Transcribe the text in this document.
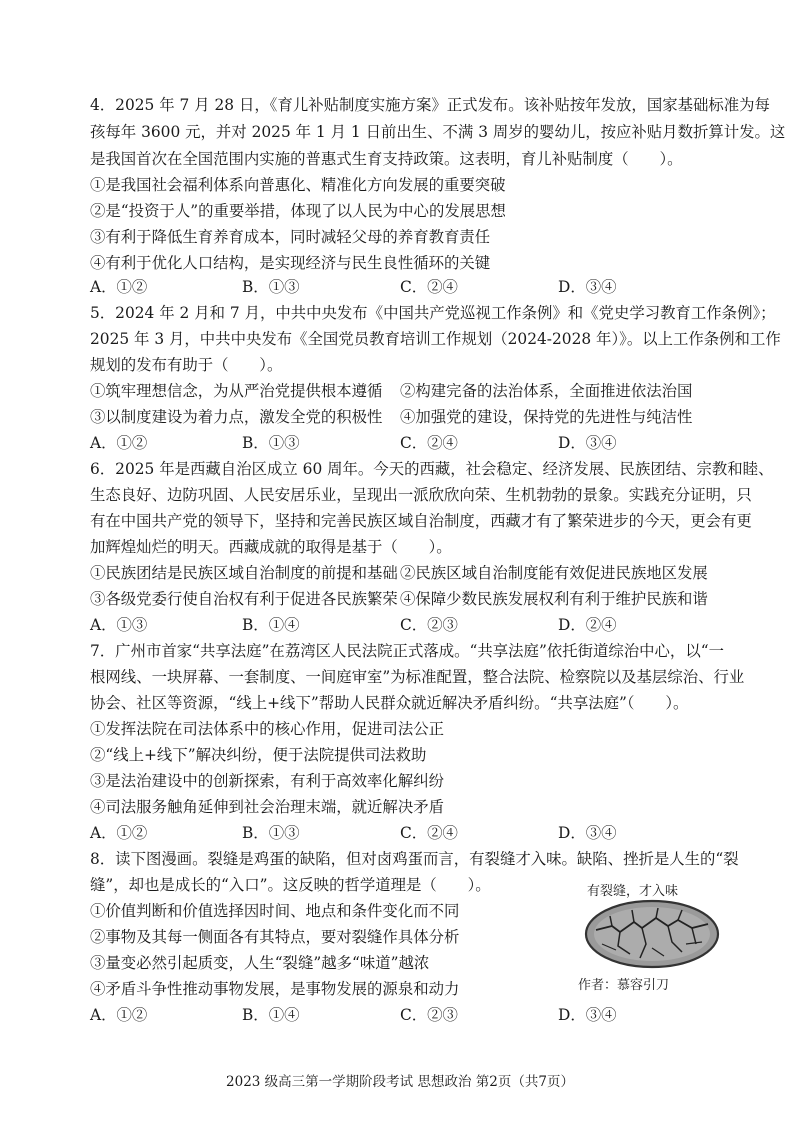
4．2025 年 7 月 28 日，《育儿补贴制度实施方案》正式发布。该补贴按年发放，国家基础标准为每
孩每年 3600 元，并对 2025 年 1 月 1 日前出生、不满 3 周岁的婴幼儿，按应补贴月数折算计发。这
是我国首次在全国范围内实施的普惠式生育支持政策。这表明，育儿补贴制度（　　）。
①是我国社会福利体系向普惠化、精准化方向发展的重要突破
②是“投资于人”的重要举措，体现了以人民为中心的发展思想
③有利于降低生育养育成本，同时减轻父母的养育教育责任
④有利于优化人口结构，是实现经济与民生良性循环的关键
A．①②	B．①③	C．②④	D．③④
5．2024 年 2 月和 7 月，中共中央发布《中国共产党巡视工作条例》和《党史学习教育工作条例》；
2025 年 3 月，中共中央发布《全国党员教育培训工作规划（2024-2028 年）》。以上工作条例和工作
规划的发布有助于（　　）。
①筑牢理想信念，为从严治党提供根本遵循 ②构建完备的法治体系，全面推进依法治国
③以制度建设为着力点，激发全党的积极性 ④加强党的建设，保持党的先进性与纯洁性
A．①②	B．①③	C．②④	D．③④
6．2025 年是西藏自治区成立 60 周年。今天的西藏，社会稳定、经济发展、民族团结、宗教和睦、
生态良好、边防巩固、人民安居乐业，呈现出一派欣欣向荣、生机勃勃的景象。实践充分证明，只
有在中国共产党的领导下，坚持和完善民族区域自治制度，西藏才有了繁荣进步的今天，更会有更
加辉煌灿烂的明天。西藏成就的取得是基于（　　）。
①民族团结是民族区域自治制度的前提和基础 ②民族区域自治制度能有效促进民族地区发展
③各级党委行使自治权有利于促进各民族繁荣 ④保障少数民族发展权利有利于维护民族和谐
A．①③	B．①④	C．②③	D．②④
7．广州市首家“共享法庭”在荔湾区人民法院正式落成。“共享法庭”依托街道综治中心，以“一
根网线、一块屏幕、一套制度、一间庭审室”为标准配置，整合法院、检察院以及基层综治、行业
协会、社区等资源，“线上+线下”帮助人民群众就近解决矛盾纠纷。“共享法庭”（　　）。
①发挥法院在司法体系中的核心作用，促进司法公正
②“线上+线下”解决纠纷，便于法院提供司法救助
③是法治建设中的创新探索，有利于高效率化解纠纷
④司法服务触角延伸到社会治理末端，就近解决矛盾
A．①②	B．①③	C．②④	D．③④
8．读下图漫画。裂缝是鸡蛋的缺陷，但对卤鸡蛋而言，有裂缝才入味。缺陷、挫折是人生的“裂
缝”，却也是成长的“入口”。这反映的哲学道理是（　　）。
①价值判断和价值选择因时间、地点和条件变化而不同
②事物及其每一侧面各有其特点，要对裂缝作具体分析
③量变必然引起质变，人生“裂缝”越多“味道”越浓
④矛盾斗争性推动事物发展，是事物发展的源泉和动力
A．①②	B．①④	C．②③	D．③④
有裂缝，才入味
作者：慕容引刀
2023 级高三第一学期阶段考试 思想政治 第2页（共7页）
